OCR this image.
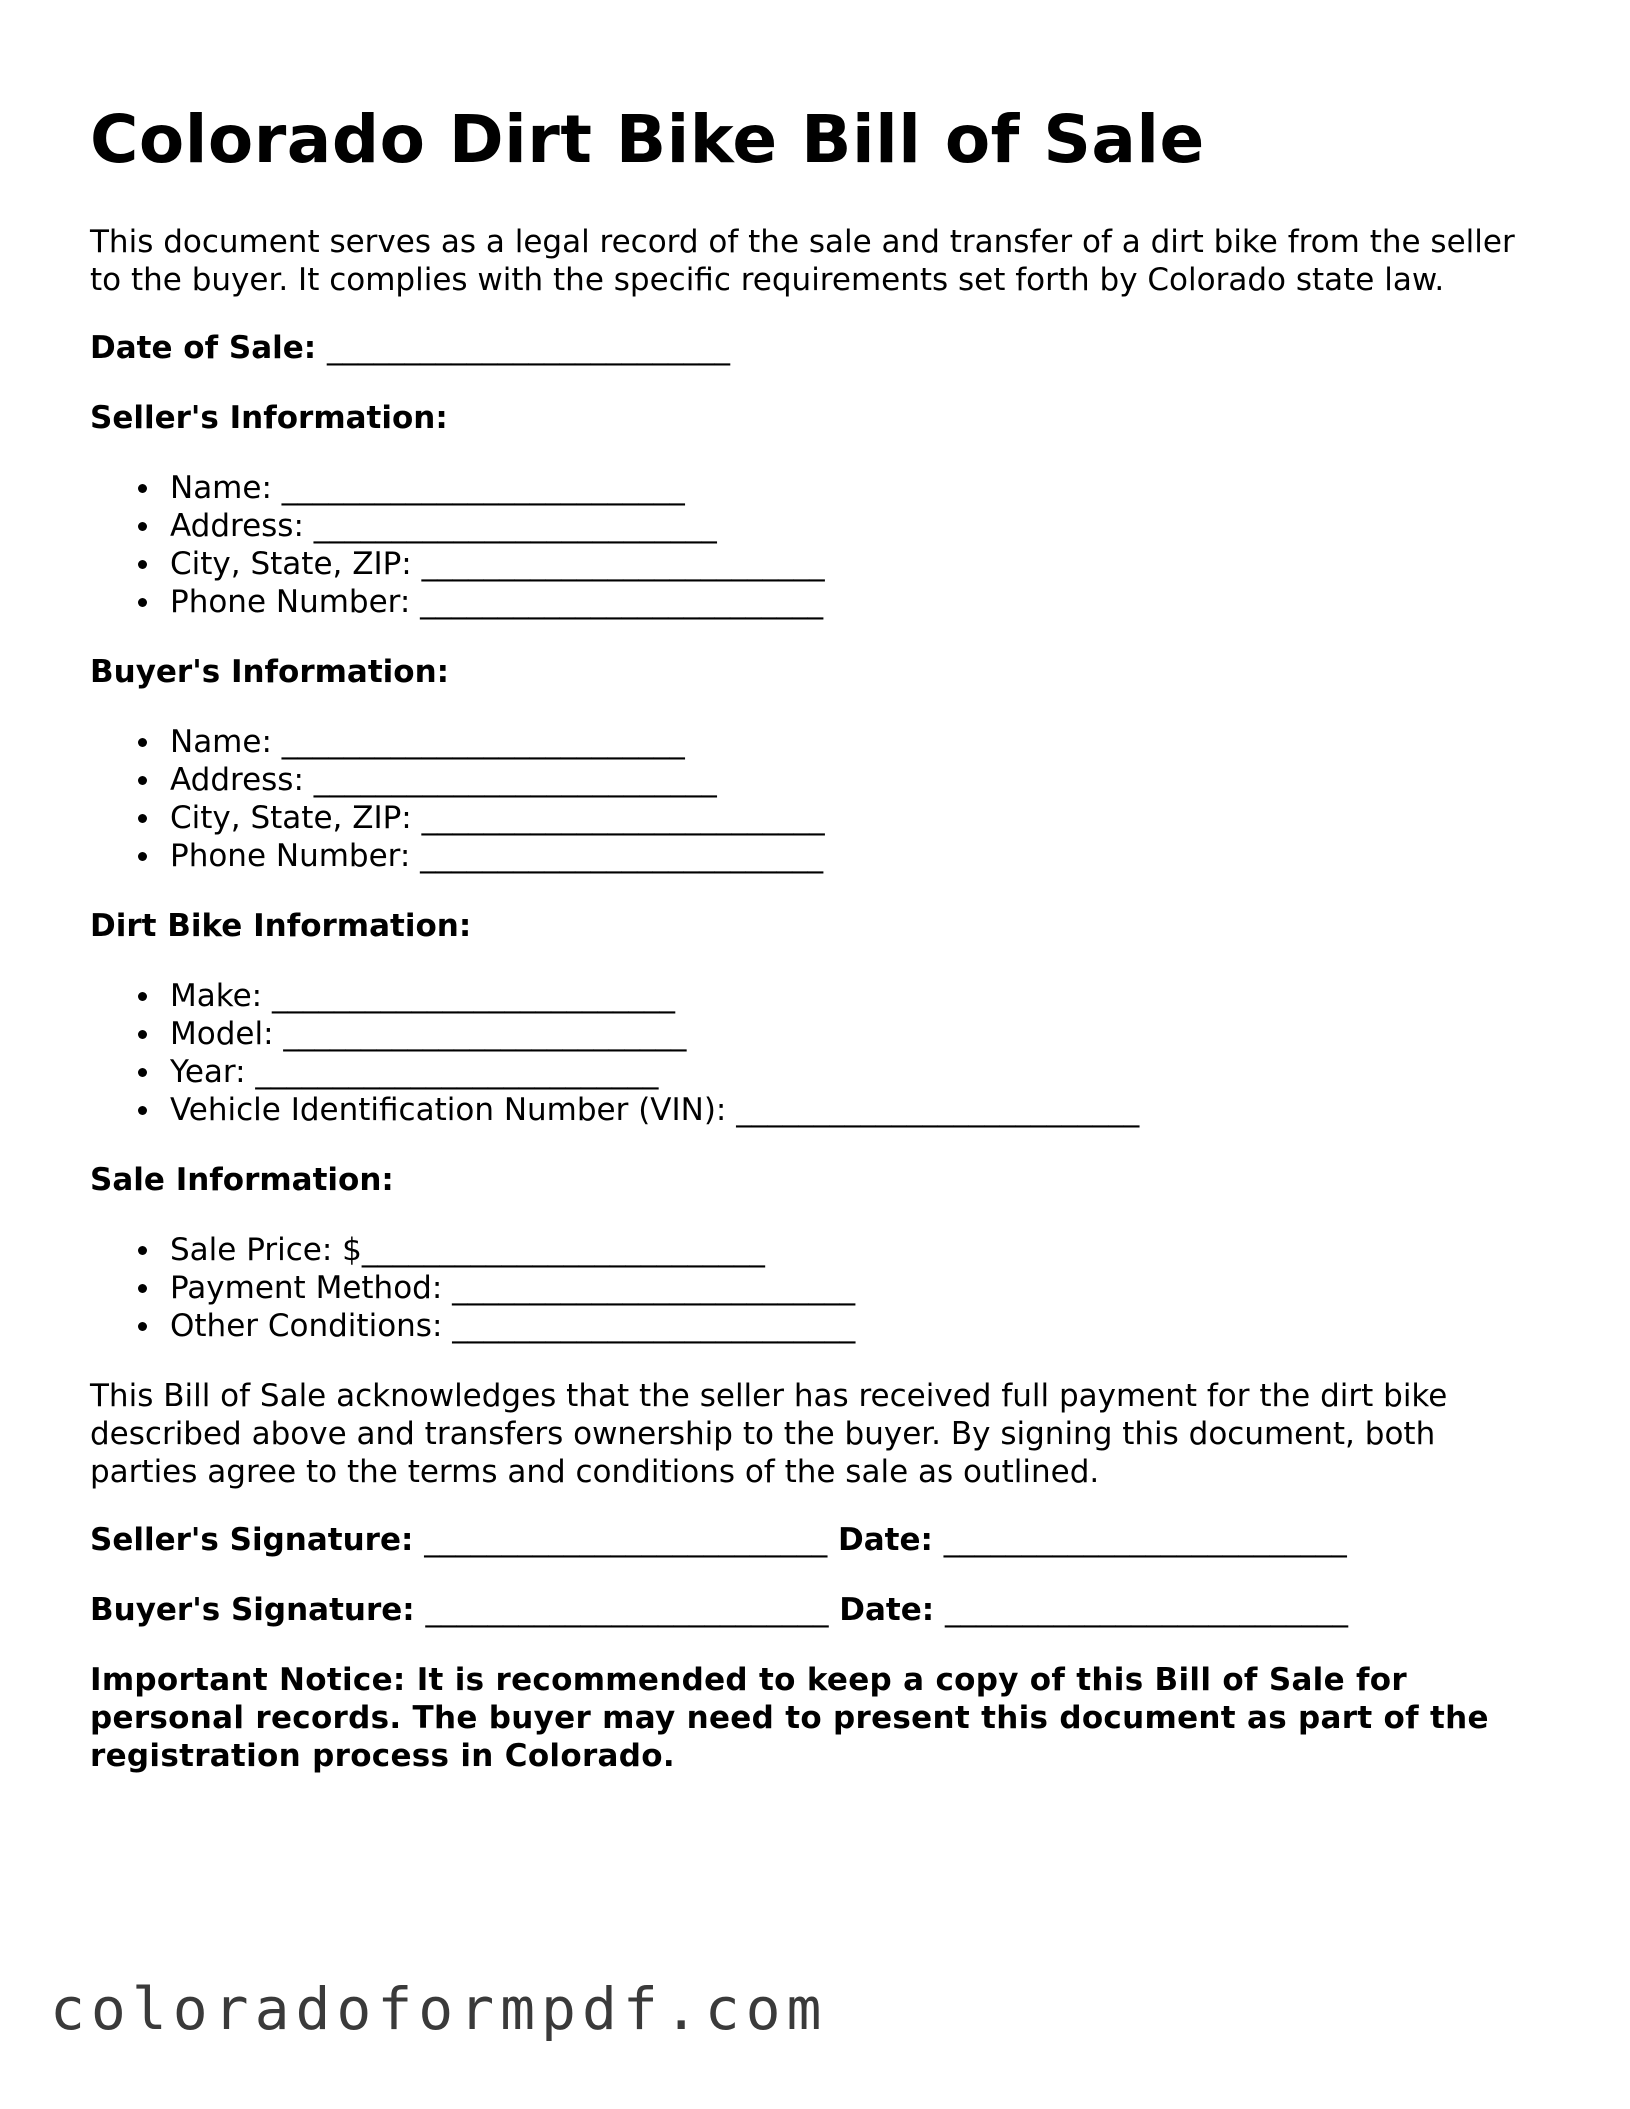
Colorado Dirt Bike Bill of Sale

This document serves as a legal record of the sale and transfer of a dirt bike from the seller to the buyer. It complies with the specific requirements set forth by Colorado state law.

Date of Sale: __________________________
Seller's Information:
Name: __________________________
Address: __________________________
City, State, ZIP: __________________________
Phone Number: __________________________
Buyer's Information:
Name: __________________________
Address: __________________________
City, State, ZIP: __________________________
Phone Number: __________________________
Dirt Bike Information:
Make: __________________________
Model: __________________________
Year: __________________________
Vehicle Identification Number (VIN): __________________________
Sale Information:
Sale Price: $__________________________
Payment Method: __________________________
Other Conditions: __________________________

This Bill of Sale acknowledges that the seller has received full payment for the dirt bike described above and transfers ownership to the buyer. By signing this document, both parties agree to the terms and conditions of the sale as outlined.

Seller's Signature: __________________________ Date: __________________________
Buyer's Signature: __________________________ Date: __________________________

Important Notice: It is recommended to keep a copy of this Bill of Sale for personal records. The buyer may need to present this document as part of the registration process in Colorado.

coloradoformpdf.com
